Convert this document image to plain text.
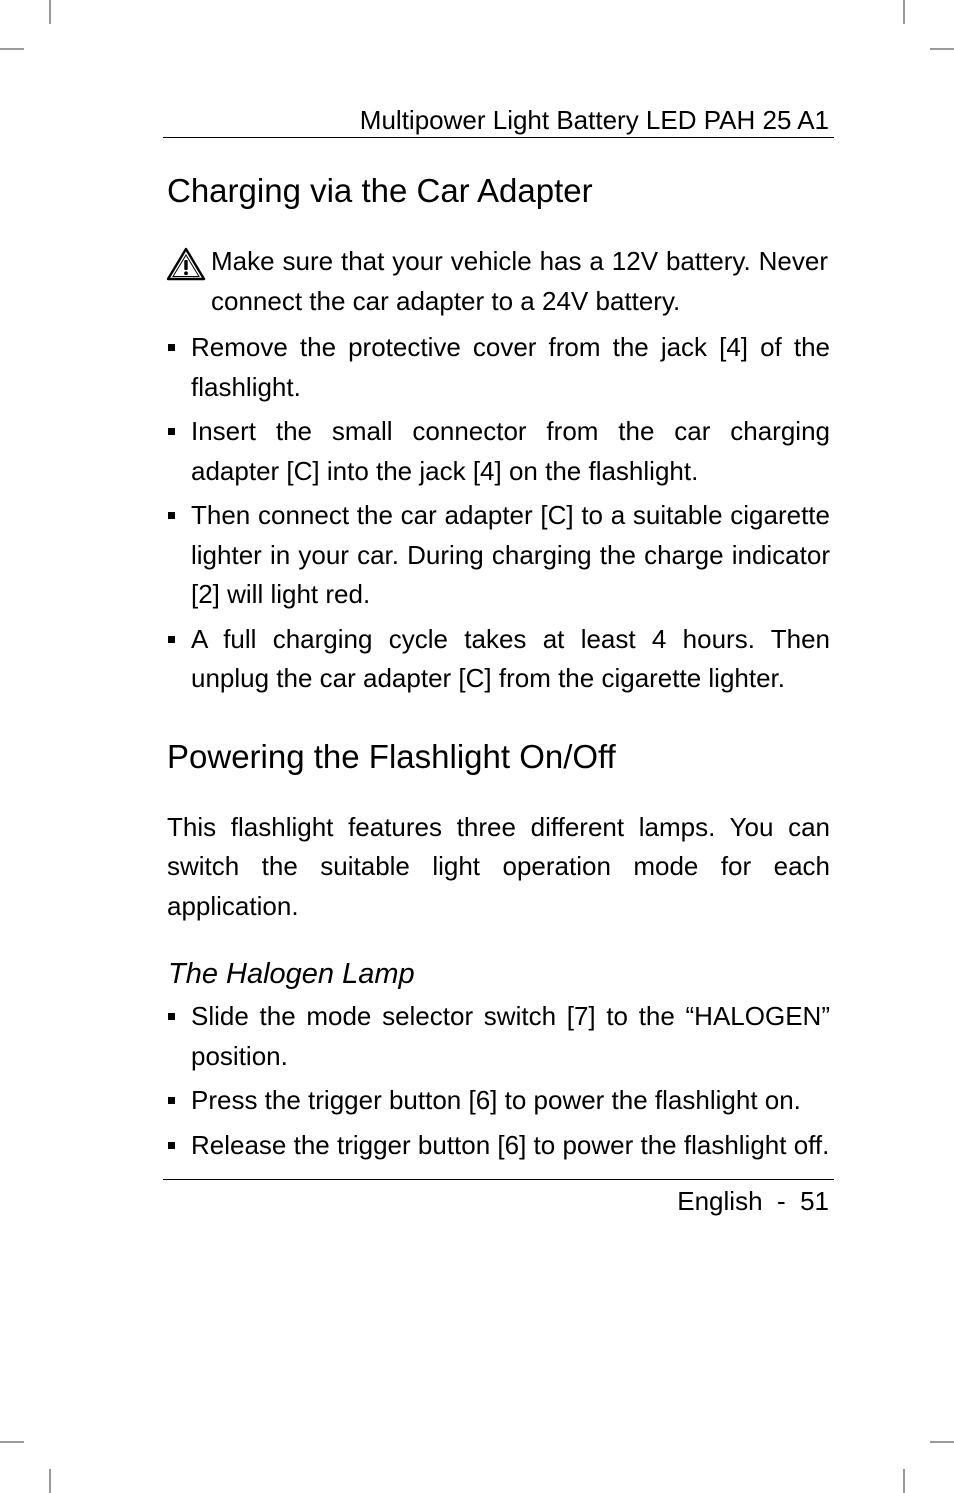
Multipower Light Battery LED PAH 25 A1
Charging via the Car Adapter
Make sure that your vehicle has a 12V battery. Never connect the car adapter to a 24V battery.
Remove the protective cover from the jack [4] of the flashlight.
Insert the small connector from the car charging adapter [C] into the jack [4] on the flashlight.
Then connect the car adapter [C] to a suitable cigarette lighter in your car. During charging the charge indicator [2] will light red.
A full charging cycle takes at least 4 hours. Then unplug the car adapter [C] from the cigarette lighter.
Powering the Flashlight On/Off

This flashlight features three different lamps. You can switch the suitable light operation mode for each application.

The Halogen Lamp
Slide the mode selector switch [7] to the “HALOGEN” position.
Press the trigger button [6] to power the flashlight on.
Release the trigger button [6] to power the flashlight off.
English  -  51
